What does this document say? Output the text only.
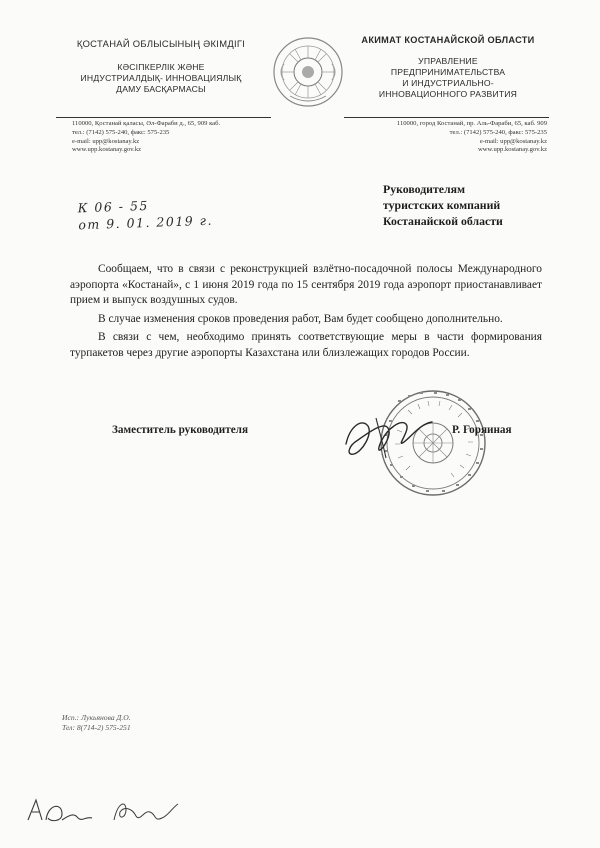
ҚОСТАНАЙ ОБЛЫСЫНЫҢ ӘКІМДІГІ
КӘСІПКЕРЛІК ЖӘНЕ
ИНДУСТРИАЛДЫҚ- ИННОВАЦИЯЛЫҚ
ДАМУ БАСҚАРМАСЫ
АКИМАТ КОСТАНАЙСКОЙ ОБЛАСТИ
УПРАВЛЕНИЕ
ПРЕДПРИНИМАТЕЛЬСТВА
И ИНДУСТРИАЛЬНО-
ИННОВАЦИОННОГО РАЗВИТИЯ
110000, Қостанай қаласы, Әл-Фараби д., 65, 909 каб.
тел.: (7142) 575-240, факс: 575-235
e-mail: upp@kostanay.kz
www.upp.kostanay.gov.kz
110000, город Костанай, пр. Аль-Фараби, 65, каб. 909
тел.: (7142) 575-240, факс: 575-235
e-mail: upp@kostanay.kz
www.upp.kostanay.gov.kz
К 06 - 55
от 9. 01. 2019 г.
Руководителям
туристских компаний
Костанайской области

Сообщаем, что в связи с реконструкцией взлётно-посадочной полосы Международного аэропорта «Костанай», с 1 июня 2019 года по 15 сентября 2019 года аэропорт приостанавливает прием и выпуск воздушных судов.

В случае изменения сроков проведения работ, Вам будет сообщено дополнительно.

В связи с чем, необходимо принять соответствующие меры в части формирования турпакетов через другие аэропорты Казахстана или близлежащих городов России.

Заместитель руководителя	Р. Горяиная
Исп.: Лукьянова Д.О.
Тел: 8(714-2) 575-251
